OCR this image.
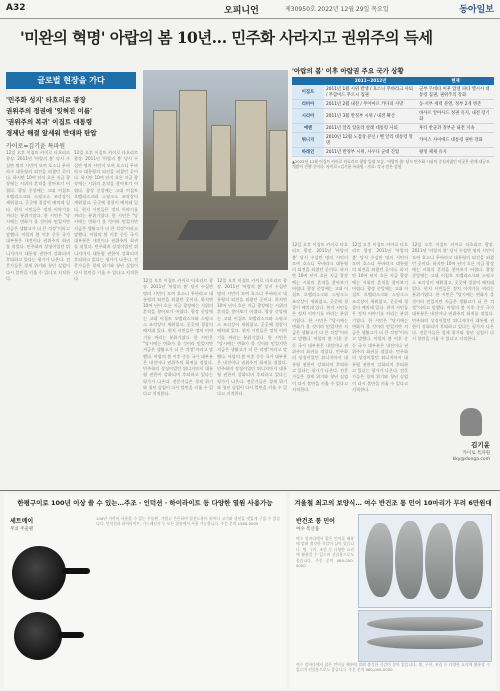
A32	오피니언	제30950호 2022년 12월 29일 목요일	동아일보
'미완의 혁명' 아랍의 봄 10년… 민주화 사라지고 권위주의 득세
글로벌 현장을 가다
'민주화 성지' 타흐리르 광장
권위주의 정권에 '잊혀진 이름'
'권위주의 복귀' 이집트 대통령
경제난 해결 앞세워 반대파 탄압
카이로=김기윤 특파원
12일 오후 이집트 카이로 타흐리르 광장. 2011년 '아랍의 봄' 당시 수십만 명의 시민이 모여 호스니 무바라크 대통령의 퇴진을 외쳤던 곳이다. 하지만 10여 년이 흐른 지금 광장에는 시위의 흔적을 찾아보기 어렵다. 광장 중앙에는 고대 이집트 오벨리스크와 스핑크스 조각상이 세워졌고, 곳곳에 경찰이 배치돼 있다. 현지 시민들은 정치 이야기를 꺼리는 분위기였다. 한 시민은 "당시에는 변화가 올 것이라 믿었지만 지금은 생활고가 더 큰 걱정"이라고 말했다. 아랍의 봄 이후 중동 국가 대부분은 내전이나 권위주의 회귀를 겪었다. 민주화의 상징이었던 튀니지마저 대통령 권한이 강화되며 후퇴하고 있다는 평가가 나온다. 전문가들은 경제 위기와 청년 실업이 다시 불만을 키울 수 있다고 지적한다.
12일 오후 이집트 카이로 타흐리르 광장. 2011년 '아랍의 봄' 당시 수십만 명의 시민이 모여 호스니 무바라크 대통령의 퇴진을 외쳤던 곳이다. 하지만 10여 년이 흐른 지금 광장에는 시위의 흔적을 찾아보기 어렵다. 광장 중앙에는 고대 이집트 오벨리스크와 스핑크스 조각상이 세워졌고, 곳곳에 경찰이 배치돼 있다. 현지 시민들은 정치 이야기를 꺼리는 분위기였다. 한 시민은 "당시에는 변화가 올 것이라 믿었지만 지금은 생활고가 더 큰 걱정"이라고 말했다. 아랍의 봄 이후 중동 국가 대부분은 내전이나 권위주의 회귀를 겪었다. 민주화의 상징이었던 튀니지마저 대통령 권한이 강화되며 후퇴하고 있다는 평가가 나온다. 전문가들은 경제 위기와 청년 실업이 다시 불만을 키울 수 있다고 지적한다.	12일 오후 이집트 카이로 타흐리르 광장. 2011년 '아랍의 봄' 당시 수십만 명의 시민이 모여 호스니 무바라크 대통령의 퇴진을 외쳤던 곳이다. 하지만 10여 년이 흐른 지금 광장에는 시위의 흔적을 찾아보기 어렵다. 광장 중앙에는 고대 이집트 오벨리스크와 스핑크스 조각상이 세워졌고, 곳곳에 경찰이 배치돼 있다. 현지 시민들은 정치 이야기를 꺼리는 분위기였다. 한 시민은 "당시에는 변화가 올 것이라 믿었지만 지금은 생활고가 더 큰 걱정"이라고 말했다. 아랍의 봄 이후 중동 국가 대부분은 내전이나 권위주의 회귀를 겪었다. 민주화의 상징이었던 튀니지마저 대통령 권한이 강화되며 후퇴하고 있다는 평가가 나온다. 전문가들은 경제 위기와 청년 실업이 다시 불만을 키울 수 있다고 지적한다.
12일 오후 이집트 카이로 타흐리르 광장. 2011년 '아랍의 봄' 당시 수십만 명의 시민이 모여 호스니 무바라크 대통령의 퇴진을 외쳤던 곳이다. 하지만 10여 년이 흐른 지금 광장에는 시위의 흔적을 찾아보기 어렵다. 광장 중앙에는 고대 이집트 오벨리스크와 스핑크스 조각상이 세워졌고, 곳곳에 경찰이 배치돼 있다. 현지 시민들은 정치 이야기를 꺼리는 분위기였다. 한 시민은 "당시에는 변화가 올 것이라 믿었지만 지금은 생활고가 더 큰 걱정"이라고 말했다. 아랍의 봄 이후 중동 국가 대부분은 내전이나 권위주의 회귀를 겪었다. 민주화의 상징이었던 튀니지마저 대통령 권한이 강화되며 후퇴하고 있다는 평가가 나온다. 전문가들은 경제 위기와 청년 실업이 다시 불만을 키울 수 있다고 지적한다.
12일 오후 이집트 카이로 타흐리르 광장. 2011년 '아랍의 봄' 당시 수십만 명의 시민이 모여 호스니 무바라크 대통령의 퇴진을 외쳤던 곳이다. 하지만 10여 년이 흐른 지금 광장에는 시위의 흔적을 찾아보기 어렵다. 광장 중앙에는 고대 이집트 오벨리스크와 스핑크스 조각상이 세워졌고, 곳곳에 경찰이 배치돼 있다. 현지 시민들은 정치 이야기를 꺼리는 분위기였다. 한 시민은 "당시에는 변화가 올 것이라 믿었지만 지금은 생활고가 더 큰 걱정"이라고 말했다. 아랍의 봄 이후 중동 국가 대부분은 내전이나 권위주의 회귀를 겪었다. 민주화의 상징이었던 튀니지마저 대통령 권한이 강화되며 후퇴하고 있다는 평가가 나온다. 전문가들은 경제 위기와 청년 실업이 다시 불만을 키울 수 있다고 지적한다.
12일 오후 이집트 카이로 타흐리르 광장. 2011년 '아랍의 봄' 당시 수십만 명의 시민이 모여 호스니 무바라크 대통령의 퇴진을 외쳤던 곳이다. 하지만 10여 년이 흐른 지금 광장에는 시위의 흔적을 찾아보기 어렵다. 광장 중앙에는 고대 이집트 오벨리스크와 스핑크스 조각상이 세워졌고, 곳곳에 경찰이 배치돼 있다. 현지 시민들은 정치 이야기를 꺼리는 분위기였다. 한 시민은 "당시에는 변화가 올 것이라 믿었지만 지금은 생활고가 더 큰 걱정"이라고 말했다. 아랍의 봄 이후 중동 국가 대부분은 내전이나 권위주의 회귀를 겪었다. 민주화의 상징이었던 튀니지마저 대통령 권한이 강화되며 후퇴하고 있다는 평가가 나온다. 전문가들은 경제 위기와 청년 실업이 다시 불만을 키울 수 있다고 지적한다.
12일 오후 이집트 카이로 타흐리르 광장. 2011년 '아랍의 봄' 당시 수십만 명의 시민이 모여 호스니 무바라크 대통령의 퇴진을 외쳤던 곳이다. 하지만 10여 년이 흐른 지금 광장에는 시위의 흔적을 찾아보기 어렵다. 광장 중앙에는 고대 이집트 오벨리스크와 스핑크스 조각상이 세워졌고, 곳곳에 경찰이 배치돼 있다. 현지 시민들은 정치 이야기를 꺼리는 분위기였다. 한 시민은 "당시에는 변화가 올 것이라 믿었지만 지금은 생활고가 더 큰 걱정"이라고 말했다. 아랍의 봄 이후 중동 국가 대부분은 내전이나 권위주의 회귀를 겪었다. 민주화의 상징이었던 튀니지마저 대통령 권한이 강화되며 후퇴하고 있다는 평가가 나온다. 전문가들은 경제 위기와 청년 실업이 다시 불만을 키울 수 있다고 지적한다.
'아랍의 봄' 이후 아랍권 주요 국가 상황
	2011~2012년	현재
이집트	2011년 1월 시위 발생 / 호스니 무바라크 사퇴 / 무함마드 무르시 집권	군부 쿠데타 이후 압델 파타 엘시시 대통령 집권, 권위주의 강화
리비아	2011년 2월 내전 / 무아마르 카다피 사망	동·서부 세력 분열, 정부 2개 병존
시리아	2011년 3월 반정부 시위 / 내전 확산	바샤르 알아사드 정권 유지, 내전 장기화
예멘	2011년 알리 압둘라 살레 대통령 사퇴	후티 반군과 정부군 내전 지속
튀니지	2010년 12월 노점상 분신 / 벤 알리 대통령 망명	카이스 사이에드 대통령 권한 강화
바레인	2011년 반정부 시위, 사우디 군대 진압	왕정 체제 유지
▲2022년 11월 이집트 카이로 타흐리르 광장 일대 모습. '아랍의 봄' 당시 민주화 시위의 중심지였던 이곳은 현재 대규모 개발이 진행 중이다. 카이로=김기윤 특파원 · 자료: 각국 언론 종합
김기윤
카이로 특파원
kky@donga.com
한평구이로 100년 이상 쓸 수 있는…주조 · 인덕션 · 하이라이트 등 다양한 열원 사용가능
세트메이
무쇠 주물팬
100년 가까이 사용할 수 있는 주물팬. 가볍고 튼튼하며 열전도율이 뛰어나 고기와 생선을 맛있게 구울 수 있습니다. 인덕션과 하이라이트, 가스레인지 등 모든 열원에서 사용 가능합니다. 주문 문의 1588-0000
겨울철 최고의 보양식… 여수 반건조 통 민어 10마리가 무려 6만원대
반건조 통 민어
여수 특산품
여수 앞바다에서 잡은 민어를 해풍에 말려 쫄깃한 식감이 살아 있습니다. 찜, 구이, 조림 등 다양한 요리에 활용할 수 있으며 선물용으로도 좋습니다. 주문 문의 080-000-0000
여수 앞바다에서 잡은 민어를 해풍에 말려 쫄깃한 식감이 살아 있습니다. 찜, 구이, 조림 등 다양한 요리에 활용할 수 있으며 선물용으로도 좋습니다. 주문 문의 080-000-0000
